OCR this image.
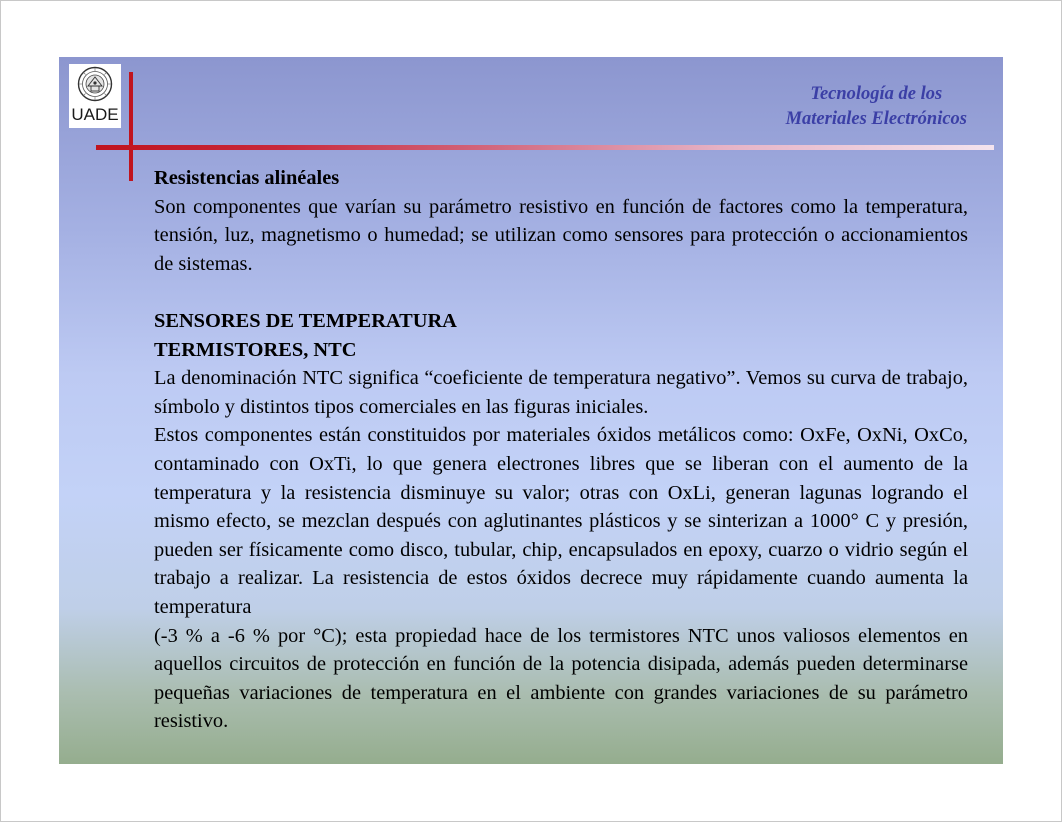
UADE
Tecnología de los
Materiales Electrónicos

Resistencias alinéales

Son componentes que varían su parámetro resistivo en función de factores como la temperatura, tensión, luz, magnetismo o humedad; se utilizan como sensores para protección o accionamientos de sistemas.

SENSORES DE TEMPERATURA

TERMISTORES, NTC

La denominación NTC significa “coeficiente de temperatura negativo”. Vemos su curva de trabajo, símbolo y distintos tipos comerciales en las figuras iniciales.

Estos componentes están constituidos por materiales óxidos metálicos como: OxFe, OxNi, OxCo, contaminado con OxTi, lo que genera electrones libres que se liberan con el aumento de la temperatura y la resistencia disminuye su valor; otras con OxLi, generan lagunas logrando el mismo efecto, se mezclan después con aglutinantes plásticos y se sinterizan a 1000° C y presión, pueden ser físicamente como disco, tubular, chip, encapsulados en epoxy, cuarzo o vidrio según el trabajo a realizar. La resistencia de estos óxidos decrece muy rápidamente cuando aumenta la temperatura

(-3 % a -6 % por °C); esta propiedad hace de los termistores NTC unos valiosos elementos en aquellos circuitos de protección en función de la potencia disipada, además pueden determinarse pequeñas variaciones de temperatura en el ambiente con grandes variaciones de su parámetro resistivo.
